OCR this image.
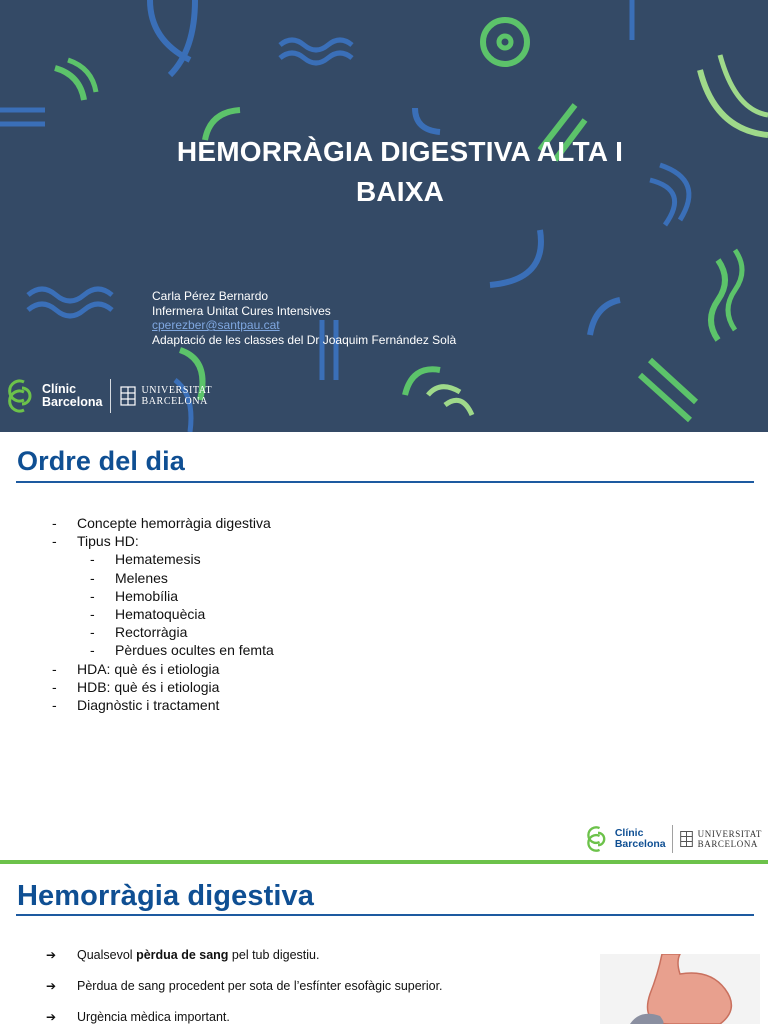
HEMORRÀGIA DIGESTIVA ALTA I BAIXA
Carla Pérez Bernardo
Infermera Unitat Cures Intensives
cperezber@santpau.cat
Adaptació de les classes del Dr Joaquim Fernández Solà
Clínic
Barcelona
UNIVERSITAT
BARCELONA
Ordre del dia
-	Concepte hemorràgia digestiva
-	Tipus HD:
-	Hematemesis
-	Melenes
-	Hemobília
-	Hematoquècia
-	Rectorràgia
-	Pèrdues ocultes en femta
-	HDA: què és i etiologia
-	HDB: què és i etiologia
-	Diagnòstic i tractament
Clínic
Barcelona
UNIVERSITAT
BARCELONA
Hemorràgia digestiva
➔	Qualsevol pèrdua de sang pel tub digestiu.
➔	Pèrdua de sang procedent per sota de l’esfínter esofàgic superior.
➔	Urgència mèdica important.
